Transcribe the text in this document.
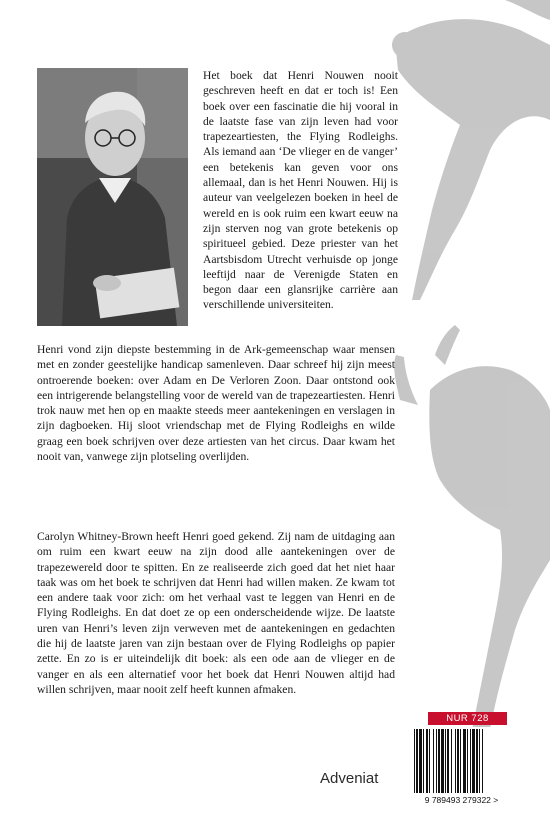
Het boek dat Henri Nouwen nooit geschreven heeft en dat er toch is! Een boek over een fascinatie die hij vooral in de laatste fase van zijn leven had voor trapezeartiesten, the Flying Rodleighs. Als iemand aan ‘De vlieger en de vanger’ een betekenis kan geven voor ons allemaal, dan is het Henri Nouwen. Hij is auteur van veelgelezen boeken in heel de wereld en is ook ruim een kwart eeuw na zijn sterven nog van grote betekenis op spiritueel gebied. Deze priester van het Aartsbisdom Utrecht verhuisde op jonge leeftijd naar de Verenigde Staten en begon daar een glansrijke carrière aan verschillende universiteiten.
Henri vond zijn diepste bestemming in de Ark-gemeenschap waar mensen met en zonder geestelijke handicap samenleven. Daar schreef hij zijn meest ontroerende boeken: over Adam en De Verloren Zoon. Daar ontstond ook een intrigerende belangstelling voor de wereld van de trapezeartiesten. Henri trok nauw met hen op en maakte steeds meer aantekeningen en verslagen in zijn dagboeken. Hij sloot vriendschap met de Flying Rodleighs en wilde graag een boek schrijven over deze artiesten van het circus. Daar kwam het nooit van, vanwege zijn plotseling overlijden.
Carolyn Whitney-Brown heeft Henri goed gekend. Zij nam de uitdaging aan om ruim een kwart eeuw na zijn dood alle aantekeningen over de trapezewereld door te spitten. En ze realiseerde zich goed dat het niet haar taak was om het boek te schrijven dat Henri had willen maken. Ze kwam tot een andere taak voor zich: om het verhaal vast te leggen van Henri en de Flying Rodleighs. En dat doet ze op een onderscheidende wijze. De laatste uren van Henri’s leven zijn verweven met de aantekeningen en gedachten die hij de laatste jaren van zijn bestaan over de Flying Rodleighs op papier zette. En zo is er uiteindelijk dit boek: als een ode aan de vlieger en de vanger en als een alternatief voor het boek dat Henri Nouwen altijd had willen schrijven, maar nooit zelf heeft kunnen afmaken.
NUR 728
9 789493 279322 >
Adveniat
